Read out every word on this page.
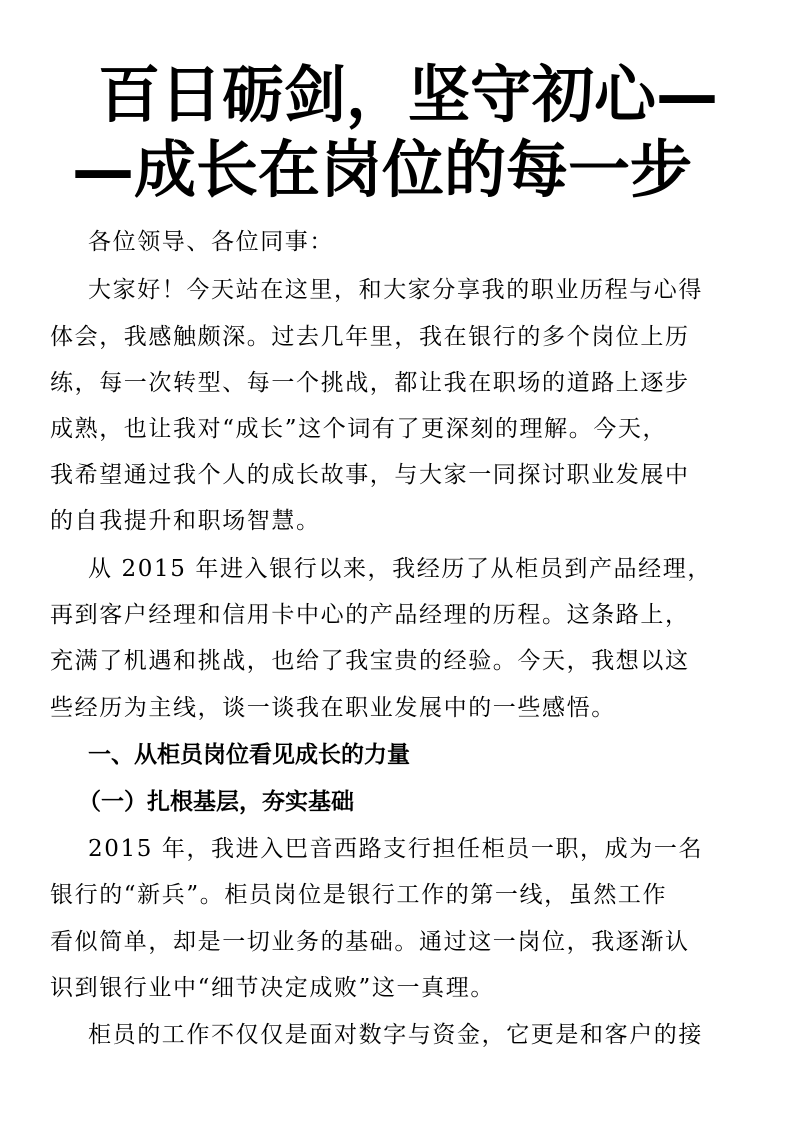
百日砺剑，坚守初心—
—成长在岗位的每一步
各位领导、各位同事：
大家好！今天站在这里，和大家分享我的职业历程与心得
体会，我感触颇深。过去几年里，我在银行的多个岗位上历
练，每一次转型、每一个挑战，都让我在职场的道路上逐步
成熟，也让我对“成长”这个词有了更深刻的理解。今天，
我希望通过我个人的成长故事，与大家一同探讨职业发展中
的自我提升和职场智慧。
从 2015 年进入银行以来，我经历了从柜员到产品经理，
再到客户经理和信用卡中心的产品经理的历程。这条路上，
充满了机遇和挑战，也给了我宝贵的经验。今天，我想以这
些经历为主线，谈一谈我在职业发展中的一些感悟。
一、从柜员岗位看见成长的力量
（一）扎根基层，夯实基础
2015 年，我进入巴音西路支行担任柜员一职，成为一名
银行的“新兵”。柜员岗位是银行工作的第一线，虽然工作
看似简单，却是一切业务的基础。通过这一岗位，我逐渐认
识到银行业中“细节决定成败”这一真理。
柜员的工作不仅仅是面对数字与资金，它更是和客户的接
